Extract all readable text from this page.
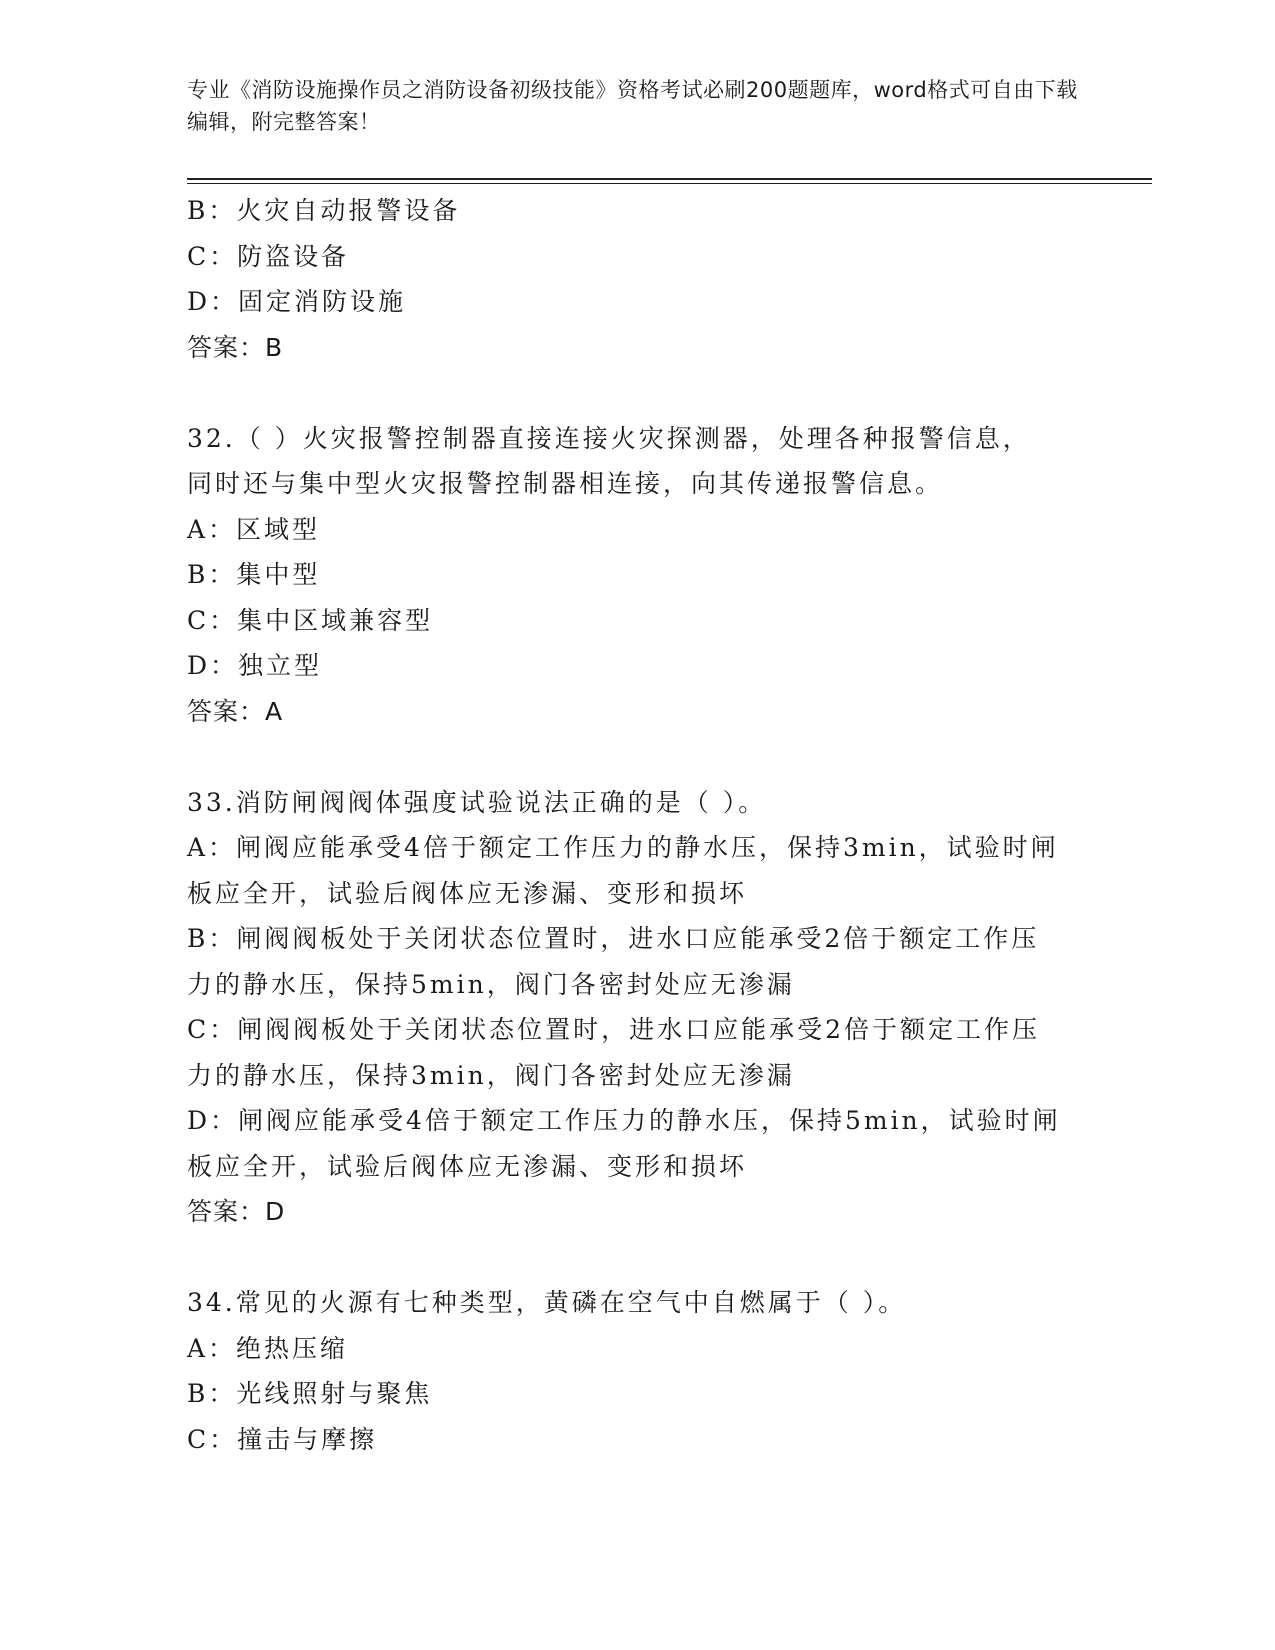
专业《消防设施操作员之消防设备初级技能》资格考试必刷200题题库，word格式可自由下载编辑，附完整答案！

B：火灾自动报警设备

C：防盗设备

D：固定消防设施

答案：B

32.（ ）火灾报警控制器直接连接火灾探测器，处理各种报警信息，

同时还与集中型火灾报警控制器相连接，向其传递报警信息。

A：区域型

B：集中型

C：集中区域兼容型

D：独立型

答案：A

33.消防闸阀阀体强度试验说法正确的是（ ）。

A：闸阀应能承受4倍于额定工作压力的静水压，保持3min，试验时闸

板应全开，试验后阀体应无渗漏、变形和损坏

B：闸阀阀板处于关闭状态位置时，进水口应能承受2倍于额定工作压

力的静水压，保持5min，阀门各密封处应无渗漏

C：闸阀阀板处于关闭状态位置时，进水口应能承受2倍于额定工作压

力的静水压，保持3min，阀门各密封处应无渗漏

D：闸阀应能承受4倍于额定工作压力的静水压，保持5min，试验时闸

板应全开，试验后阀体应无渗漏、变形和损坏

答案：D

34.常见的火源有七种类型，黄磷在空气中自燃属于（ ）。

A：绝热压缩

B：光线照射与聚焦

C：撞击与摩擦
